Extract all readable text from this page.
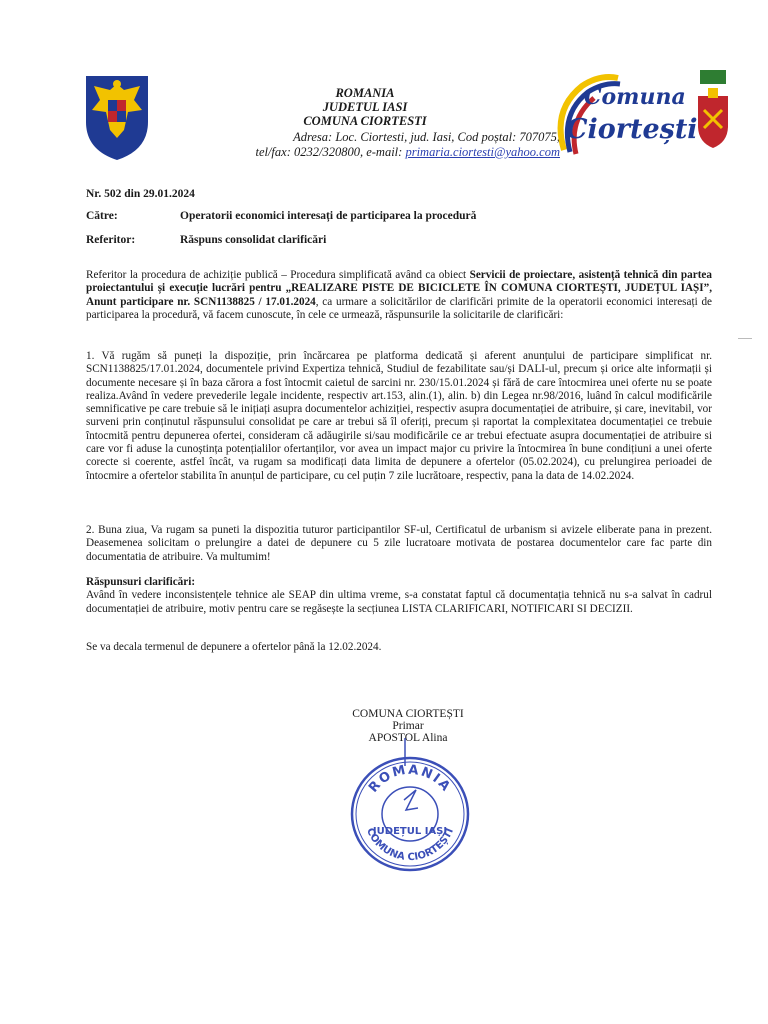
ROMANIA
JUDETUL IASI
COMUNA CIORTESTI
Adresa: Loc. Ciortesti, jud. Iasi, Cod poștal: 707075,
tel/fax: 0232/320800, e-mail: primaria.ciortesti@yahoo.com
Comuna
Ciortești
Nr. 502 din 29.01.2024
Către:	Operatorii economici interesați de participarea la procedură
Referitor:	Răspuns consolidat clarificări

Referitor la procedura de achiziție publică – Procedura simplificată având ca obiect Servicii de proiectare, asistență tehnică din partea proiectantului și execuție lucrări pentru „REALIZARE PISTE DE BICICLETE ÎN COMUNA CIORTEȘTI, JUDEȚUL IAȘI”, Anunt participare nr. SCN1138825 / 17.01.2024, ca urmare a solicitărilor de clarificări primite de la operatorii economici interesați de participarea la procedură, vă facem cunoscute, în cele ce urmează, răspunsurile la solicitarile de clarificări:

1. Vă rugăm să puneți la dispoziție, prin încărcarea pe platforma dedicată și aferent anunțului de participare simplificat nr. SCN1138825/17.01.2024, documentele privind Expertiza tehnică, Studiul de fezabilitate sau/și DALI-ul, precum și orice alte informații și documente necesare și în baza cărora a fost întocmit caietul de sarcini nr. 230/15.01.2024 și fără de care întocmirea unei oferte nu se poate realiza.Având în vedere prevederile legale incidente, respectiv art.153, alin.(1), alin. b) din Legea nr.98/2016, luând în calcul modificările semnificative pe care trebuie să le inițiați asupra documentelor achiziției, respectiv asupra documentației de atribuire, și care, inevitabil, vor surveni prin conținutul răspunsului consolidat pe care ar trebui să îl oferiți, precum și raportat la complexitatea documentației ce trebuie întocmită pentru depunerea ofertei, consideram că adăugirile si/sau modificările ce ar trebui efectuate asupra documentației de atribuire si care vor fi aduse la cunoștința potențialilor ofertanților, vor avea un impact major cu privire la întocmirea în bune condițiuni a unei oferte corecte si coerente, astfel încât, va rugam sa modificați data limita de depunere a ofertelor (05.02.2024), cu prelungirea perioadei de întocmire a ofertelor stabilita în anunțul de participare, cu cel puțin 7 zile lucrătoare, respectiv, pana la data de 14.02.2024.

2. Buna ziua, Va rugam sa puneti la dispozitia tuturor participantilor SF-ul, Certificatul de urbanism si avizele eliberate pana in prezent. Deasemenea solicitam o prelungire a datei de depunere cu 5 zile lucratoare motivata de postarea documentelor care fac parte din documentatia de atribuire. Va multumim!

Răspunsuri clarificări:

Având în vedere inconsistențele tehnice ale SEAP din ultima vreme, s-a constatat faptul că documentația tehnică nu s-a salvat în cadrul documentației de atribuire, motiv pentru care se regăsește la secțiunea LISTA CLARIFICARI, NOTIFICARI SI DECIZII.

Se va decala termenul de depunere a ofertelor până la 12.02.2024.

COMUNA CIORTEȘTI
Primar
APOSTOL Alina
ROMANIA
JUDEȚUL IAȘI
COMUNA CIORTEȘTI
